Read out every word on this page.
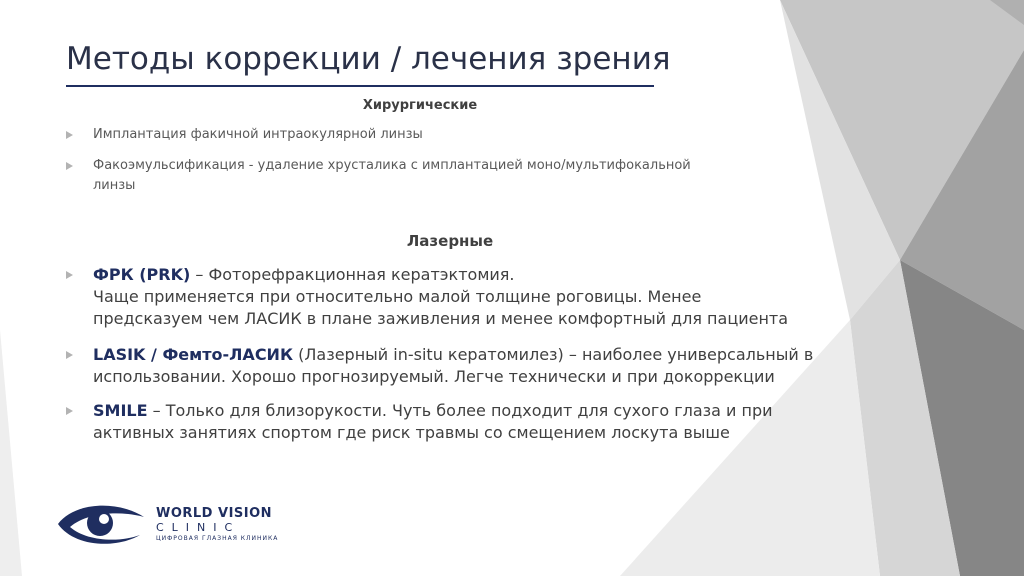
Методы коррекции / лечения зрения
Хирургические
Имплантация факичной интраокулярной линзы
Факоэмульсификация - удаление хрусталика с имплантацией моно/мультифокальной
линзы
Лазерные
ФРК (PRK) – Фоторефракционная кератэктомия.
Чаще применяется при относительно малой толщине роговицы. Менее
предсказуем чем ЛАСИК в плане заживления и менее комфортный для пациента
LASIK / Фемто-ЛАСИК (Лазерный in-situ кератомилез) – наиболее универсальный в
использовании. Хорошо прогнозируемый. Легче технически и при докоррекции
SMILE – Только для близорукости. Чуть более подходит для сухого глаза и при
активных занятиях спортом где риск травмы со смещением лоскута выше
WORLD VISION
CLINIC
ЦИФРОВАЯ ГЛАЗНАЯ КЛИНИКА
